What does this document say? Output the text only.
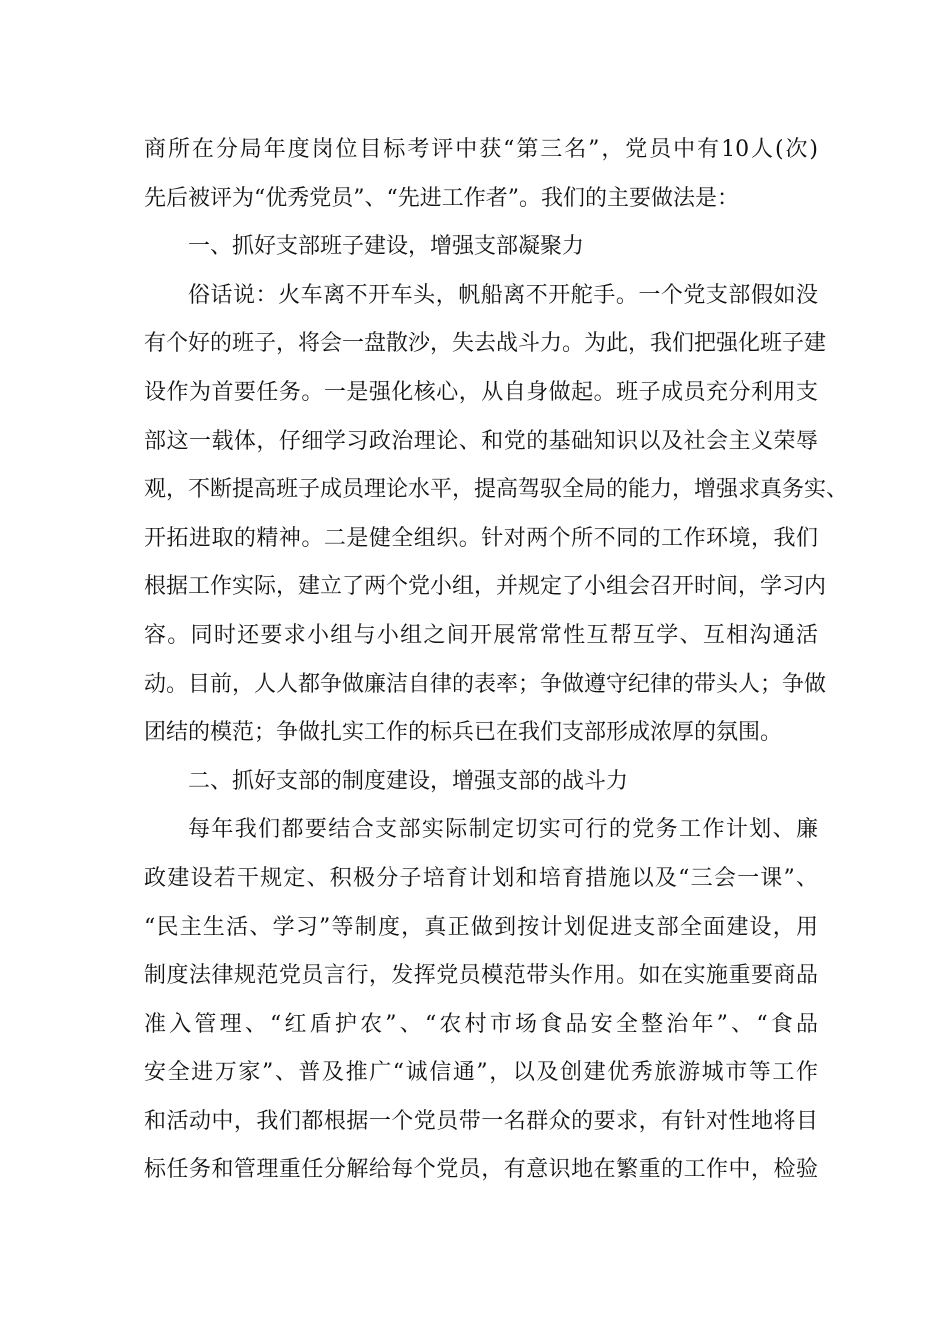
商所在分局年度岗位目标考评中获“第三名”，党员中有10人(次)
先后被评为“优秀党员”、“先进工作者”。我们的主要做法是：
一、抓好支部班子建设，增强支部凝聚力
俗话说：火车离不开车头，帆船离不开舵手。一个党支部假如没
有个好的班子，将会一盘散沙，失去战斗力。为此，我们把强化班子建
设作为首要任务。一是强化核心，从自身做起。班子成员充分利用支
部这一载体，仔细学习政治理论、和党的基础知识以及社会主义荣辱
观，不断提高班子成员理论水平，提高驾驭全局的能力，增强求真务实、
开拓进取的精神。二是健全组织。针对两个所不同的工作环境，我们
根据工作实际，建立了两个党小组，并规定了小组会召开时间，学习内
容。同时还要求小组与小组之间开展常常性互帮互学、互相沟通活
动。目前，人人都争做廉洁自律的表率；争做遵守纪律的带头人；争做
团结的模范；争做扎实工作的标兵已在我们支部形成浓厚的氛围。
二、抓好支部的制度建设，增强支部的战斗力
每年我们都要结合支部实际制定切实可行的党务工作计划、廉
政建设若干规定、积极分子培育计划和培育措施以及“三会一课”、
“民主生活、学习”等制度，真正做到按计划促进支部全面建设，用
制度法律规范党员言行，发挥党员模范带头作用。如在实施重要商品
准入管理、“红盾护农”、“农村市场食品安全整治年”、“食品
安全进万家”、普及推广“诚信通”，以及创建优秀旅游城市等工作
和活动中，我们都根据一个党员带一名群众的要求，有针对性地将目
标任务和管理重任分解给每个党员，有意识地在繁重的工作中，检验
